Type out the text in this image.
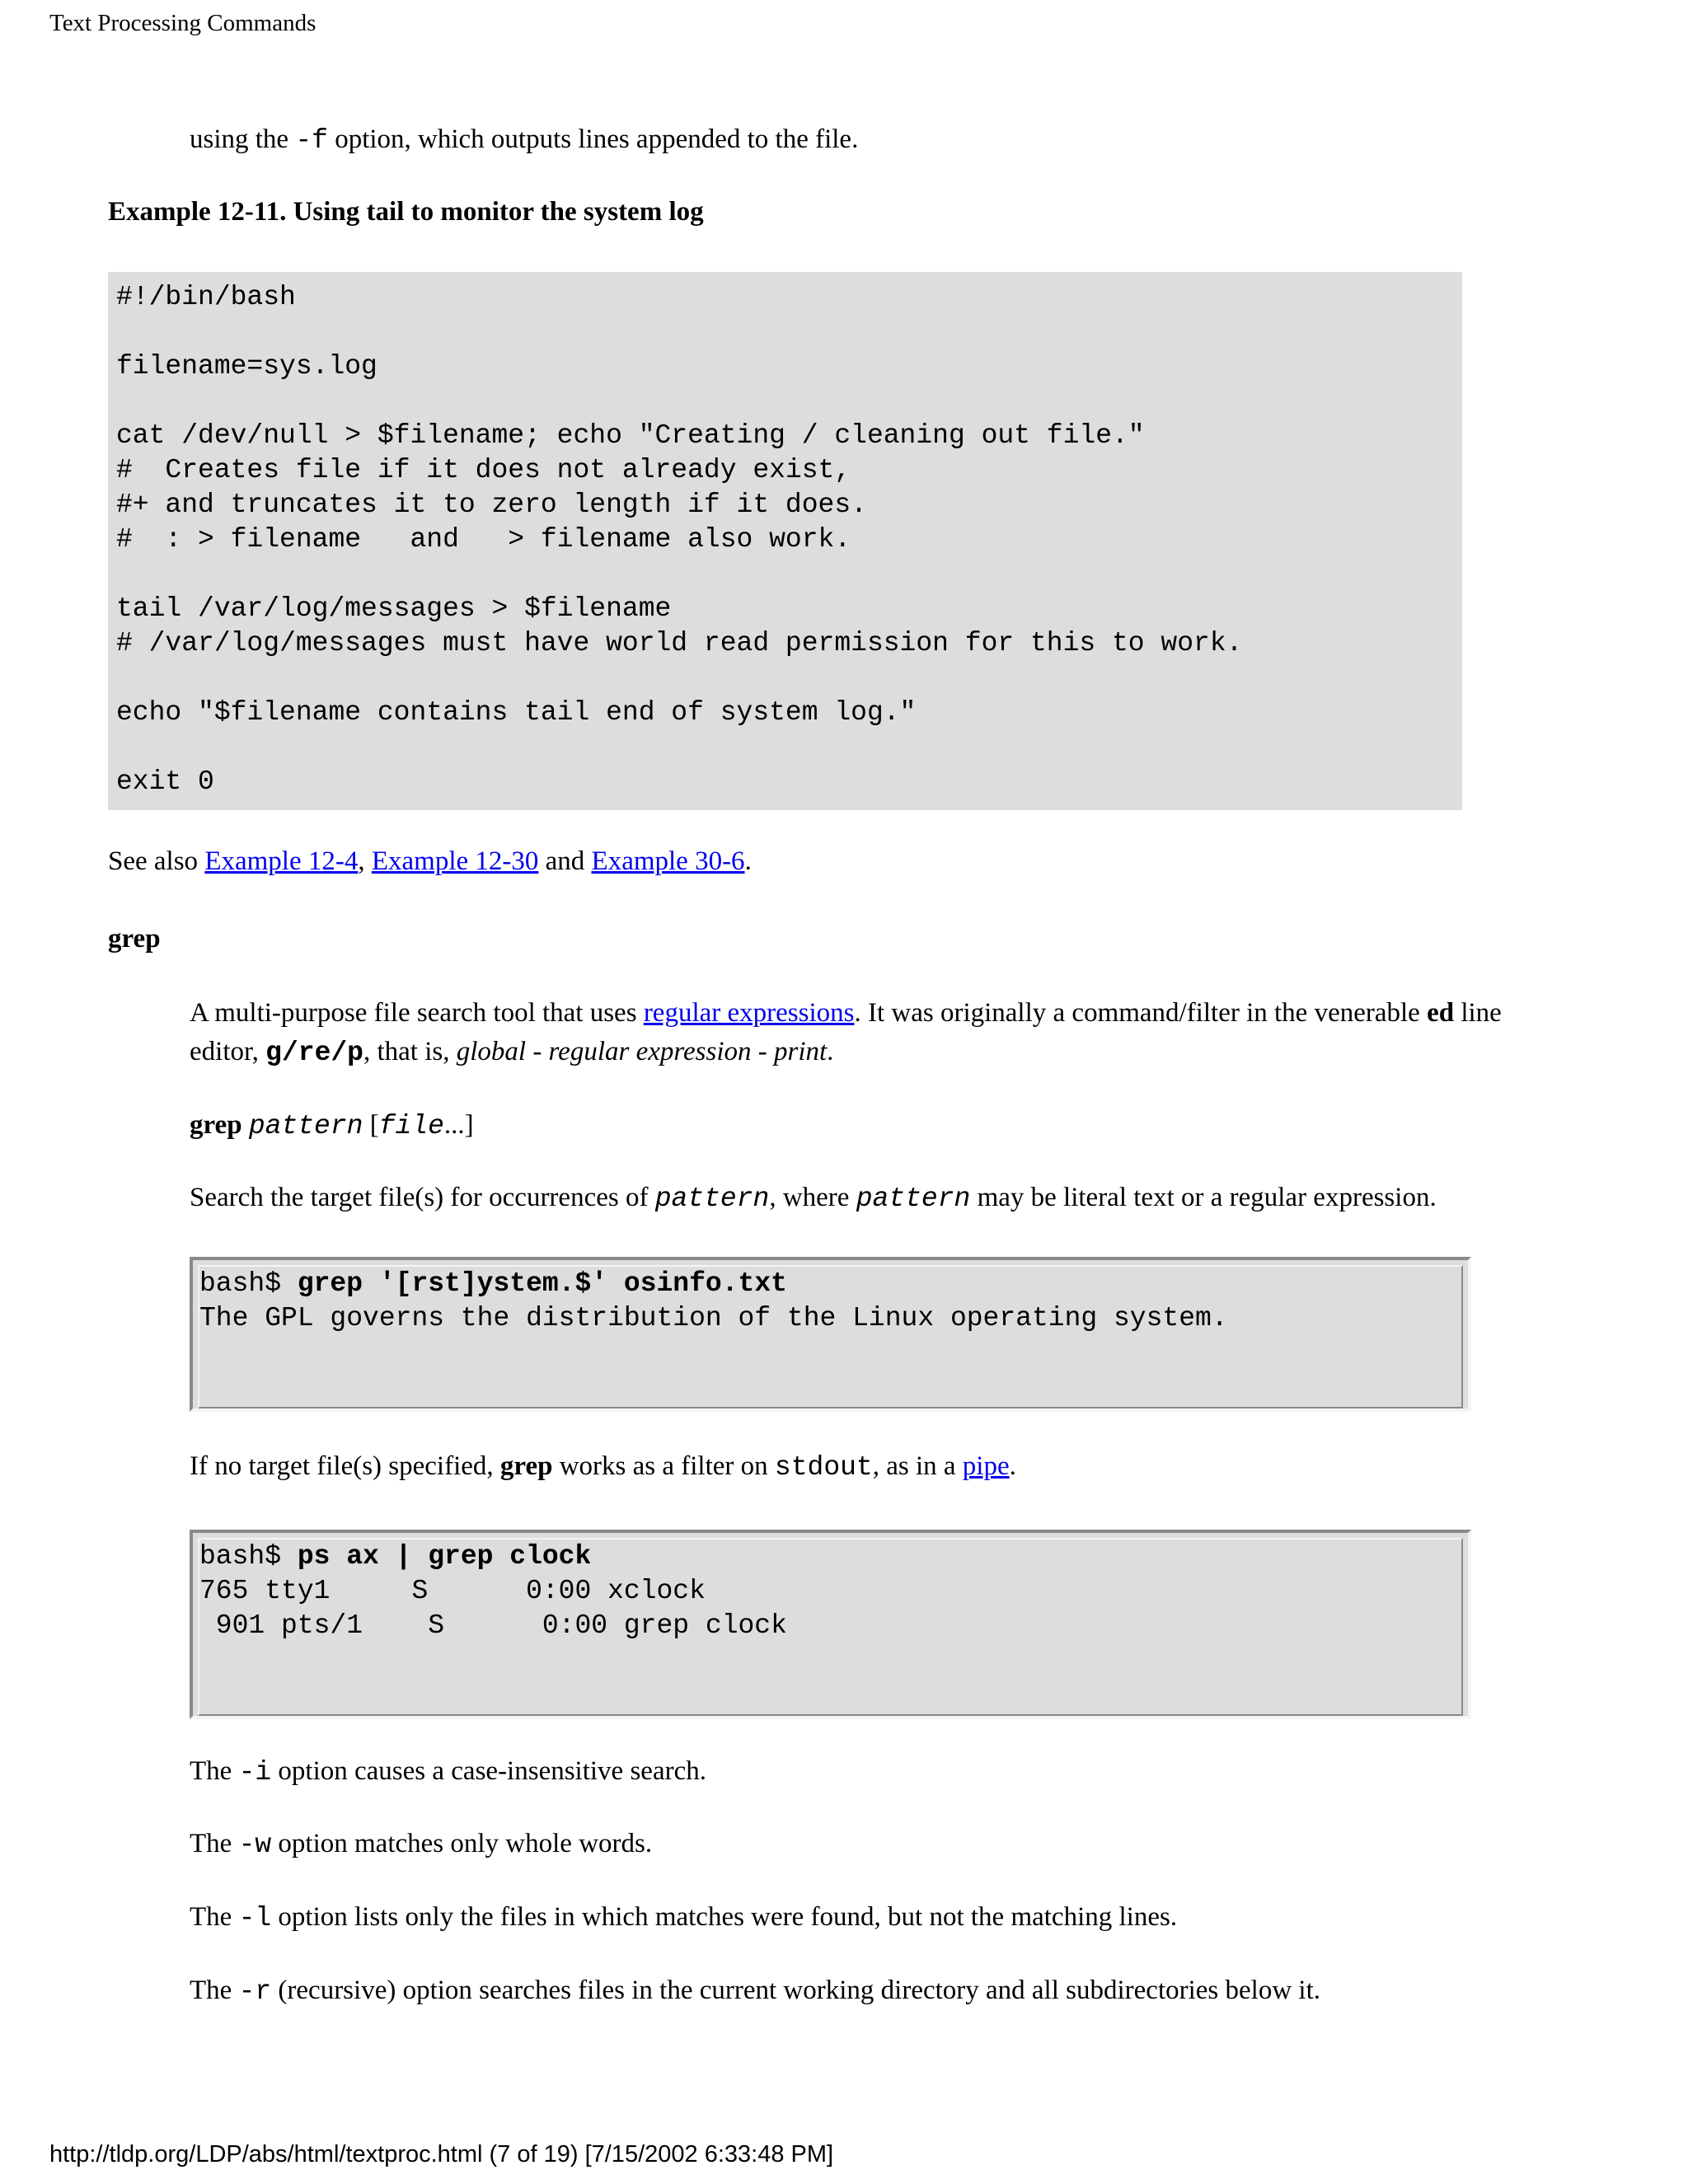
Text Processing Commands

using the -f option, which outputs lines appended to the file.

Example 12-11. Using tail to monitor the system log

#!/bin/bash

filename=sys.log

cat /dev/null > $filename; echo "Creating / cleaning out file."
#  Creates file if it does not already exist,
#+ and truncates it to zero length if it does.
#  : > filename   and   > filename also work.

tail /var/log/messages > $filename
# /var/log/messages must have world read permission for this to work.

echo "$filename contains tail end of system log."

exit 0

See also Example 12-4, Example 12-30 and Example 30-6.

grep

A multi-purpose file search tool that uses regular expressions. It was originally a command/filter in the venerable ed line editor, g/re/p, that is, global - regular expression - print.

grep pattern [file...]

Search the target file(s) for occurrences of pattern, where pattern may be literal text or a regular expression.

bash$ grep '[rst]ystem.$' osinfo.txt
The GPL governs the distribution of the Linux operating system.

If no target file(s) specified, grep works as a filter on stdout, as in a pipe.

bash$ ps ax | grep clock
765 tty1     S      0:00 xclock
901 pts/1    S      0:00 grep clock

The -i option causes a case-insensitive search.

The -w option matches only whole words.

The -l option lists only the files in which matches were found, but not the matching lines.

The -r (recursive) option searches files in the current working directory and all subdirectories below it.

http://tldp.org/LDP/abs/html/textproc.html (7 of 19) [7/15/2002 6:33:48 PM]
